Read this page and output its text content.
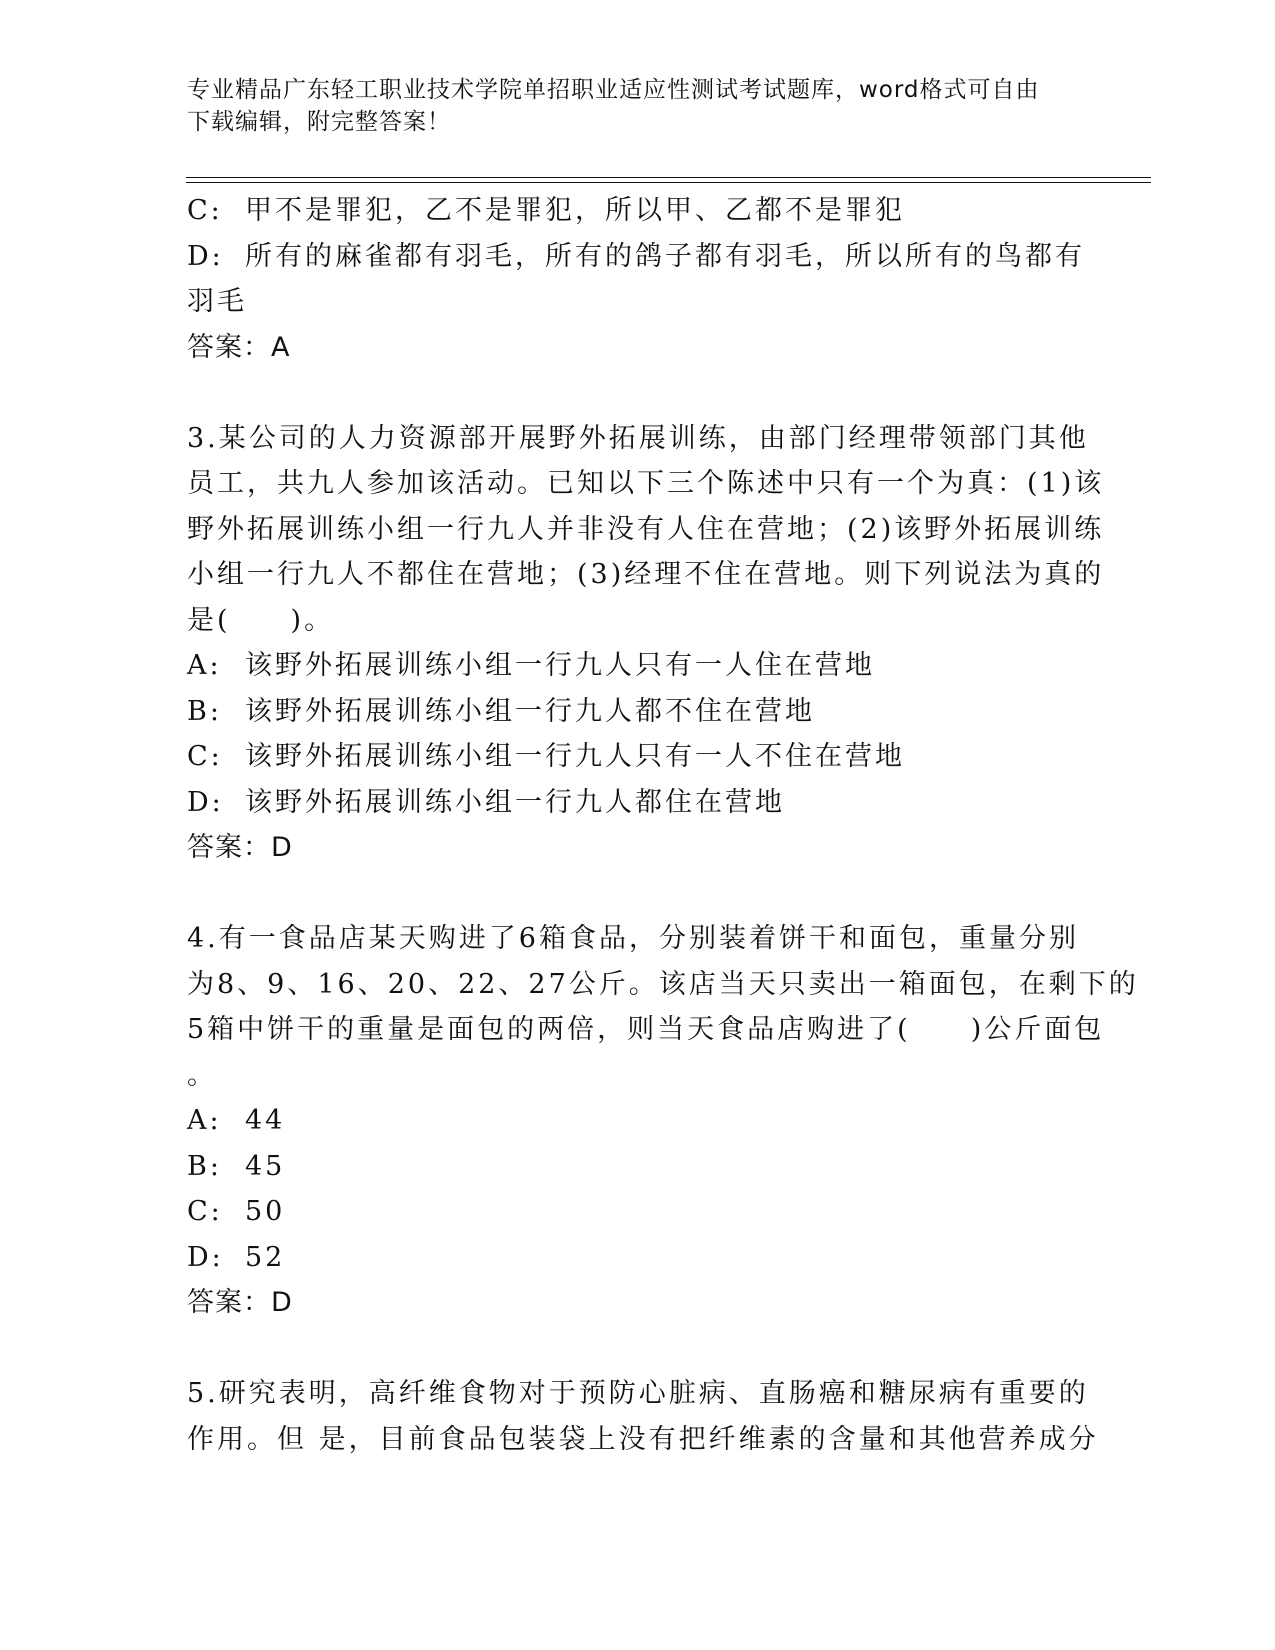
专业精品广东轻工职业技术学院单招职业适应性测试考试题库，word格式可自由
下载编辑，附完整答案！
C: 甲不是罪犯，乙不是罪犯，所以甲、乙都不是罪犯
D: 所有的麻雀都有羽毛，所有的鸽子都有羽毛，所以所有的鸟都有
羽毛
答案：A
3.某公司的人力资源部开展野外拓展训练，由部门经理带领部门其他
员工，共九人参加该活动。已知以下三个陈述中只有一个为真：(1)该
野外拓展训练小组一行九人并非没有人住在营地；(2)该野外拓展训练
小组一行九人不都住在营地；(3)经理不住在营地。则下列说法为真的
是(　　)。
A: 该野外拓展训练小组一行九人只有一人住在营地
B: 该野外拓展训练小组一行九人都不住在营地
C: 该野外拓展训练小组一行九人只有一人不住在营地
D: 该野外拓展训练小组一行九人都住在营地
答案：D
4.有一食品店某天购进了6箱食品，分别装着饼干和面包，重量分别
为8、9、16、20、22、27公斤。该店当天只卖出一箱面包，在剩下的
5箱中饼干的重量是面包的两倍，则当天食品店购进了(　　)公斤面包
。
A: 44
B: 45
C: 50
D: 52
答案：D
5.研究表明，高纤维食物对于预防心脏病、直肠癌和糖尿病有重要的
作用。但 是，目前食品包装袋上没有把纤维素的含量和其他营养成分
